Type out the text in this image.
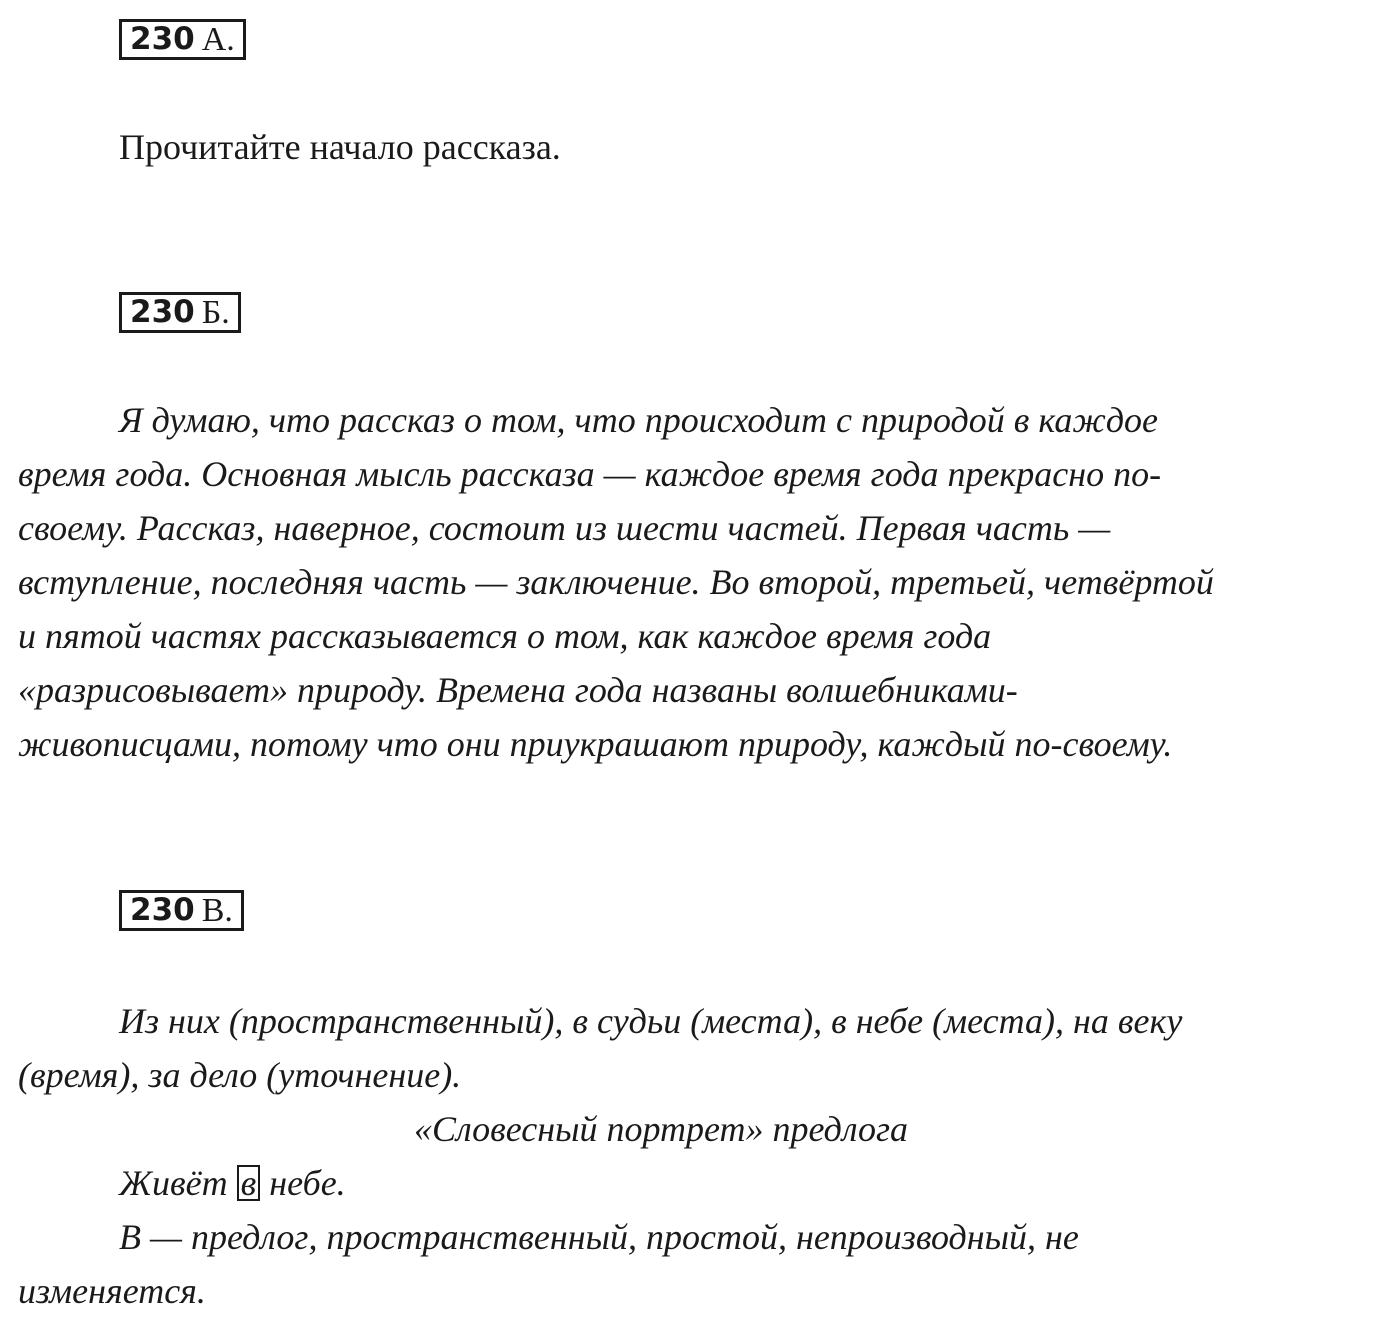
230 А.
Прочитайте начало рассказа.
230 Б.
Я думаю, что рассказ о том, что происходит с природой в каждое
время года. Основная мысль рассказа — каждое время года прекрасно по-
своему. Рассказ, наверное, состоит из шести частей. Первая часть —
вступление, последняя часть — заключение. Во второй, третьей, четвёртой
и пятой частях рассказывается о том, как каждое время года
«разрисовывает» природу. Времена года названы волшебниками-
живописцами, потому что они приукрашают природу, каждый по-своему.
230 В.
Из них (пространственный), в судьи (места), в небе (места), на веку
(время), за дело (уточнение).
«Словесный портрет» предлога
Живёт в небе.
В — предлог, пространственный, простой, непроизводный, не
изменяется.
